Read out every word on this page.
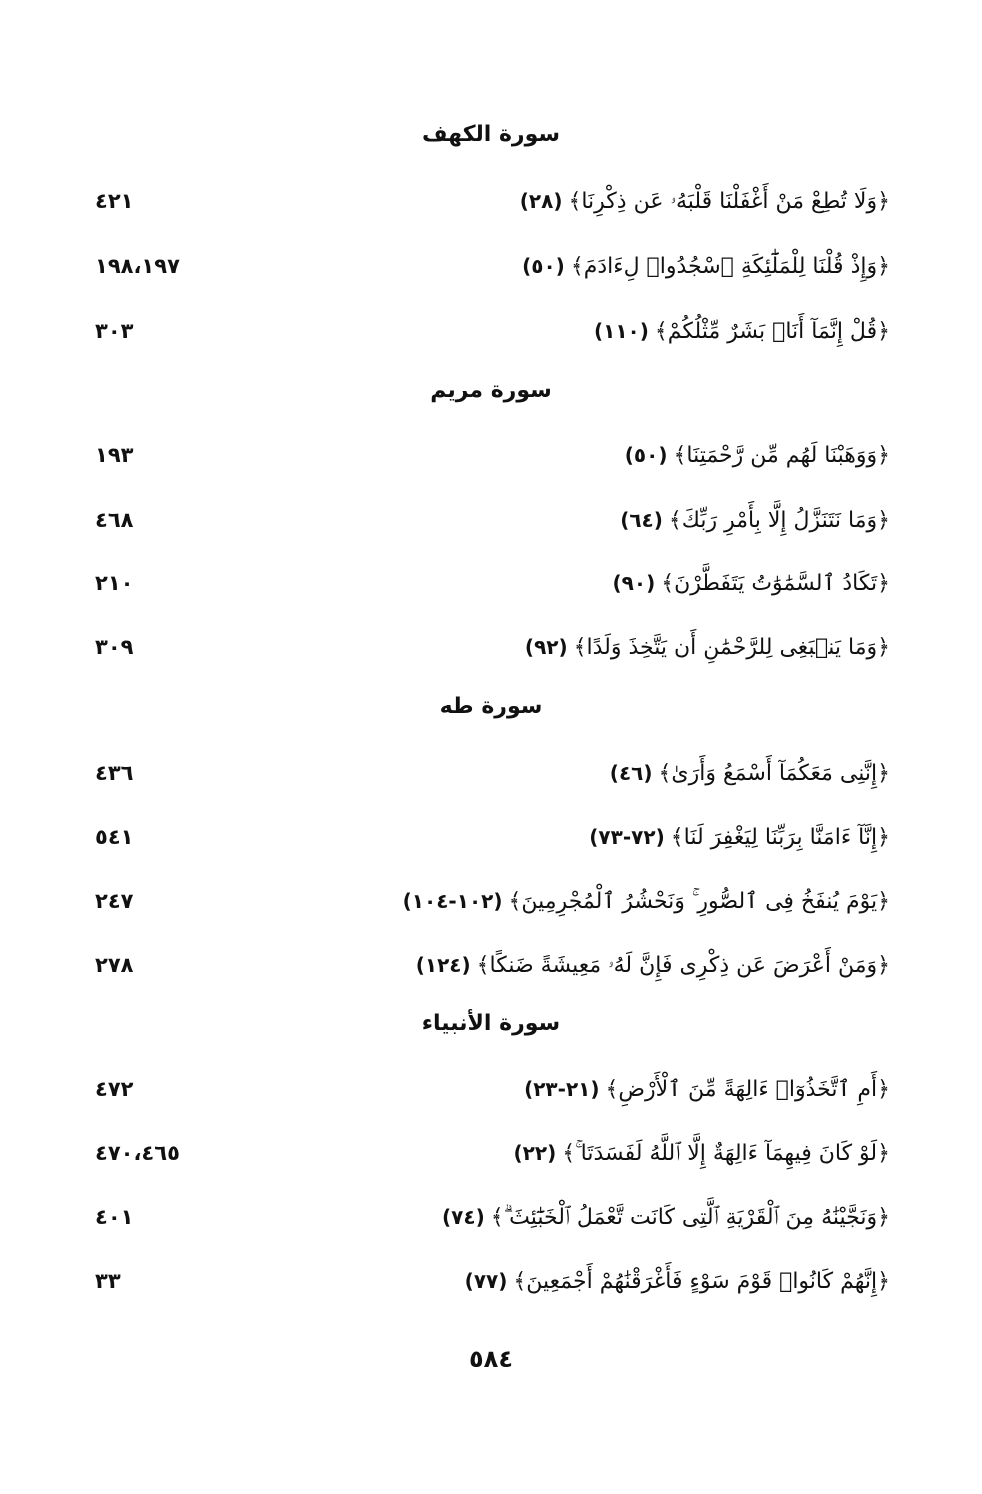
سورة الكهف
﴿وَلَا تُطِعْ مَنْ أَغْفَلْنَا قَلْبَهُۥ عَن ذِكْرِنَا﴾(٢٨)
٤٢١
﴿وَإِذْ قُلْنَا لِلْمَلَٰٓئِكَةِ ٱسْجُدُوا۟ لِءَادَمَ﴾(٥٠)
١٩٨،١٩٧
﴿قُلْ إِنَّمَآ أَنَا۠ بَشَرٌ مِّثْلُكُمْ﴾(١١٠)
٣٠٣
سورة مريم
﴿وَوَهَبْنَا لَهُم مِّن رَّحْمَتِنَا﴾(٥٠)
١٩٣
﴿وَمَا نَتَنَزَّلُ إِلَّا بِأَمْرِ رَبِّكَ﴾(٦٤)
٤٦٨
﴿تَكَادُ ٱلسَّمَٰوَٰتُ يَتَفَطَّرْنَ﴾(٩٠)
٢١٠
﴿وَمَا يَنۢبَغِى لِلرَّحْمَٰنِ أَن يَتَّخِذَ وَلَدًا﴾(٩٢)
٣٠٩
سورة طه
﴿إِنَّنِى مَعَكُمَآ أَسْمَعُ وَأَرَىٰ﴾(٤٦)
٤٣٦
﴿إِنَّآ ءَامَنَّا بِرَبِّنَا لِيَغْفِرَ لَنَا﴾(٧٢-٧٣)
٥٤١
﴿يَوْمَ يُنفَخُ فِى ٱلصُّورِ ۚ وَنَحْشُرُ ٱلْمُجْرِمِينَ﴾(١٠٢-١٠٤)
٢٤٧
﴿وَمَنْ أَعْرَضَ عَن ذِكْرِى فَإِنَّ لَهُۥ مَعِيشَةً ضَنكًا﴾(١٢٤)
٢٧٨
سورة الأنبياء
﴿أَمِ ٱتَّخَذُوٓا۟ ءَالِهَةً مِّنَ ٱلْأَرْضِ﴾(٢١-٢٣)
٤٧٢
﴿لَوْ كَانَ فِيهِمَآ ءَالِهَةٌ إِلَّا ٱللَّهُ لَفَسَدَتَا ۚ﴾(٢٢)
٤٧٠،٤٦٥
﴿وَنَجَّيْنَٰهُ مِنَ ٱلْقَرْيَةِ ٱلَّتِى كَانَت تَّعْمَلُ ٱلْخَبَٰٓئِثَ ۗ﴾(٧٤)
٤٠١
﴿إِنَّهُمْ كَانُوا۟ قَوْمَ سَوْءٍ فَأَغْرَقْنَٰهُمْ أَجْمَعِينَ﴾(٧٧)
٣٣
٥٨٤
